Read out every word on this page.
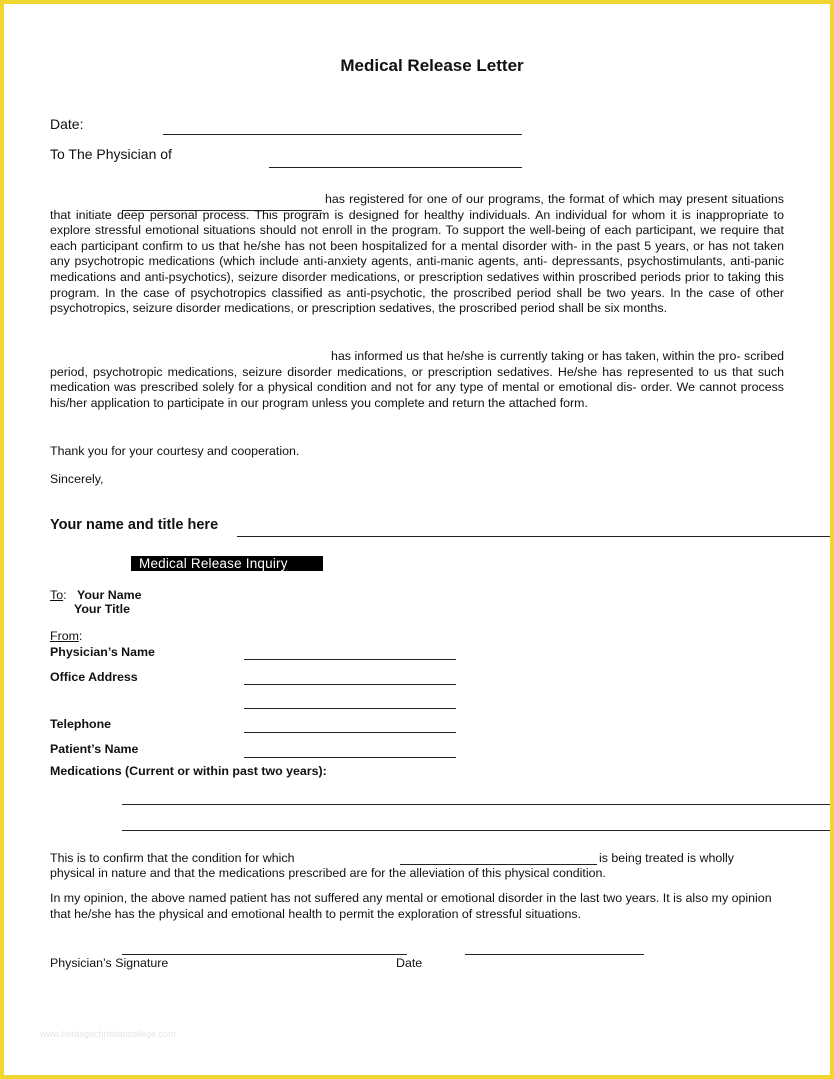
Medical Release Letter
Date:
To The Physician of
has registered for one of our programs, the format of which may present situations that initiate deep personal process. This program is designed for healthy individuals. An individual for whom it is inappropriate to explore stressful emotional situations should not enroll in the program. To support the well-being of each participant, we require that each participant confirm to us that he/she has not been hospitalized for a mental disorder with- in the past 5 years, or has not taken any psychotropic medications (which include anti-anxiety agents, anti-manic agents, anti- depressants, psychostimulants, anti-panic medications and anti-psychotics), seizure disorder medications, or prescription sedatives within proscribed periods prior to taking this program. In the case of psychotropics classified as anti-psychotic, the proscribed period shall be two years. In the case of other psychotropics, seizure disorder medications, or prescription sedatives, the proscribed period shall be six months.
has informed us that he/she is currently taking or has taken, within the pro- scribed period, psychotropic medications, seizure disorder medications, or prescription sedatives. He/she has represented to us that such medication was prescribed solely for a physical condition and not for any type of mental or emotional dis- order. We cannot process his/her application to participate in our program unless you complete and return the attached form.
Thank you for your courtesy and cooperation.
Sincerely,
Your name and title here
Medical Release Inquiry
To: Your Name
Your Title
From:
Physician’s Name
Office Address
Telephone
Patient’s Name
Medications (Current or within past two years):
This is to confirm that the condition for which	is being treated is wholly
physical in nature and that the medications prescribed are for the alleviation of this physical condition.
In my opinion, the above named patient has not suffered any mental or emotional disorder in the last two years. It is also my opinion that he/she has the physical and emotional health to permit the exploration of stressful situations.
Physician’s Signature	Date
www.heritagechristiancollege.com
